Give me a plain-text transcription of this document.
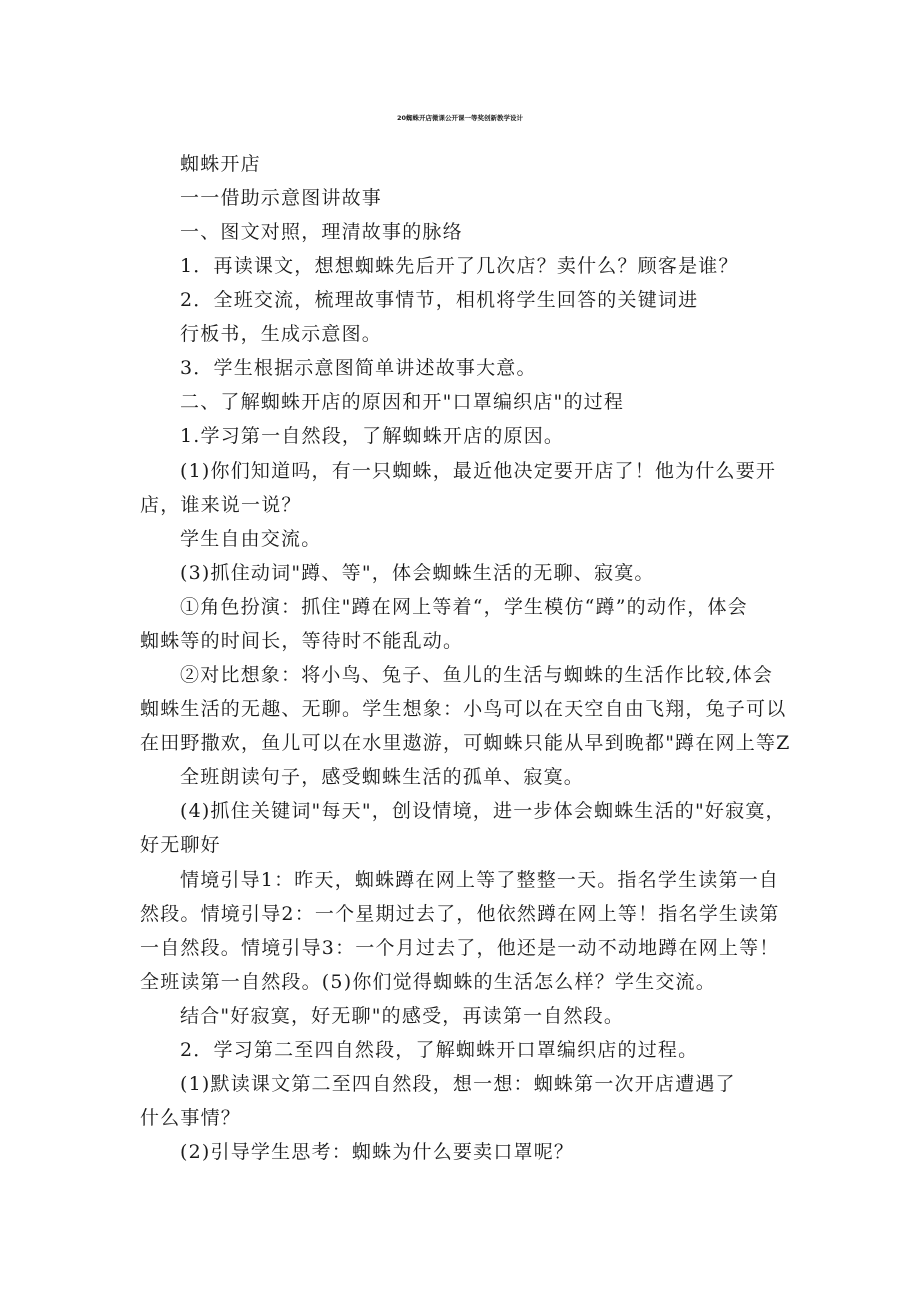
20蜘蛛开店微课公开课一等奖创新教学设计
蜘蛛开店
一一借助示意图讲故事
一、图文对照，理清故事的脉络
1．再读课文，想想蜘蛛先后开了几次店？卖什么？顾客是谁？
2．全班交流，梳理故事情节，相机将学生回答的关键词进
行板书，生成示意图。
3．学生根据示意图简单讲述故事大意。
二、了解蜘蛛开店的原因和开"口罩编织店"的过程
1.学习第一自然段，了解蜘蛛开店的原因。
(1)你们知道吗，有一只蜘蛛，最近他决定要开店了！他为什么要开
店，谁来说一说？
学生自由交流。
(3)抓住动词"蹲、等"，体会蜘蛛生活的无聊、寂寞。
①角色扮演：抓住"蹲在网上等着“，学生模仿“蹲”的动作，体会
蜘蛛等的时间长，等待时不能乱动。
②对比想象：将小鸟、兔子、鱼儿的生活与蜘蛛的生活作比较,体会
蜘蛛生活的无趣、无聊。学生想象：小鸟可以在天空自由飞翔，兔子可以
在田野撒欢，鱼儿可以在水里遨游，可蜘蛛只能从早到晚都"蹲在网上等Z
全班朗读句子，感受蜘蛛生活的孤单、寂寞。
(4)抓住关键词"每天"，创设情境，进一步体会蜘蛛生活的"好寂寞，
好无聊好
情境引导1：昨天，蜘蛛蹲在网上等了整整一天。指名学生读第一自
然段。情境引导2：一个星期过去了，他依然蹲在网上等！指名学生读第
一自然段。情境引导3：一个月过去了，他还是一动不动地蹲在网上等！
全班读第一自然段。(5)你们觉得蜘蛛的生活怎么样？学生交流。
结合"好寂寞，好无聊"的感受，再读第一自然段。
2．学习第二至四自然段，了解蜘蛛开口罩编织店的过程。
(1)默读课文第二至四自然段，想一想：蜘蛛第一次开店遭遇了
什么事情？
(2)引导学生思考：蜘蛛为什么要卖口罩呢？
